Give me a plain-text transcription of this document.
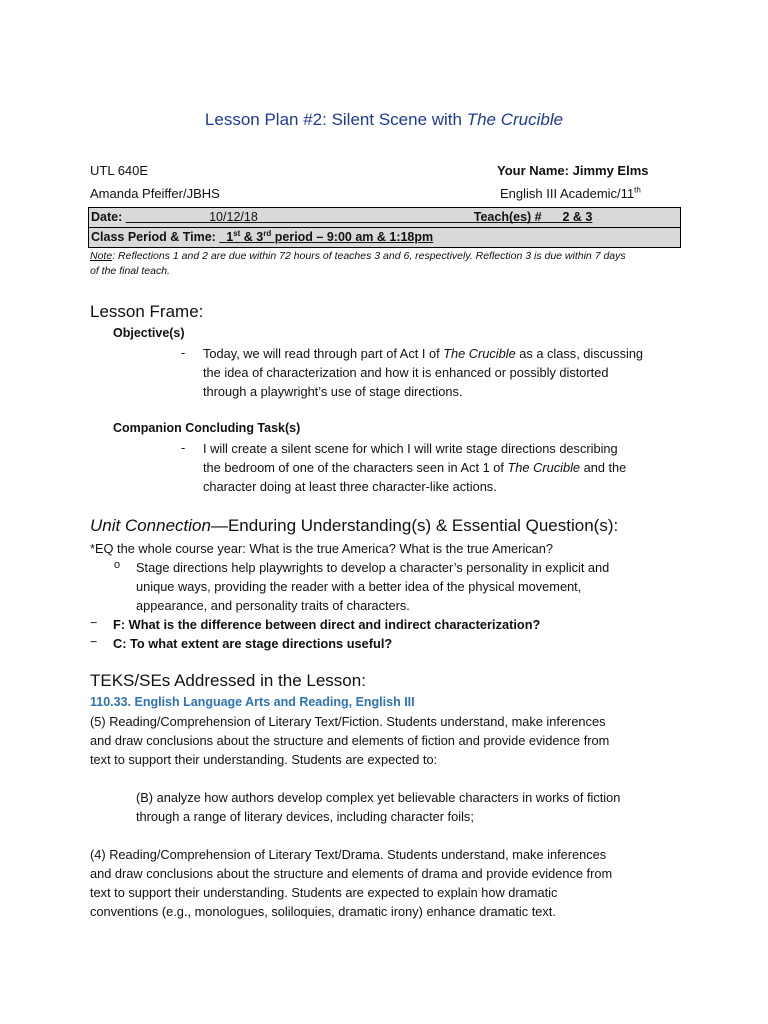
Lesson Plan #2: Silent Scene with The Crucible
UTL 640E	Your Name: Jimmy Elms
Amanda Pfeiffer/JBHS	English III Academic/11th
Date:	10/12/18	Teach(es) # 2 & 3
Class Period & Time: 1st & 3rd period – 9:00 am & 1:18pm
Note: Reflections 1 and 2 are due within 72 hours of teaches 3 and 6, respectively. Reflection 3 is due within 7 days
of the final teach.
Lesson Frame:
Objective(s)
- Today, we will read through part of Act I of The Crucible as a class, discussing
the idea of characterization and how it is enhanced or possibly distorted
through a playwright’s use of stage directions.
Companion Concluding Task(s)
- I will create a silent scene for which I will write stage directions describing
the bedroom of one of the characters seen in Act 1 of The Crucible and the
character doing at least three character-like actions.
Unit Connection—Enduring Understanding(s) & Essential Question(s):
*EQ the whole course year: What is the true America? What is the true American?
o Stage directions help playwrights to develop a character’s personality in explicit and
unique ways, providing the reader with a better idea of the physical movement,
appearance, and personality traits of characters.
− F: What is the difference between direct and indirect characterization?
− C: To what extent are stage directions useful?
TEKS/SEs Addressed in the Lesson:
110.33. English Language Arts and Reading, English III
(5) Reading/Comprehension of Literary Text/Fiction. Students understand, make inferences
and draw conclusions about the structure and elements of fiction and provide evidence from
text to support their understanding. Students are expected to:
(B) analyze how authors develop complex yet believable characters in works of fiction
through a range of literary devices, including character foils;
(4) Reading/Comprehension of Literary Text/Drama. Students understand, make inferences
and draw conclusions about the structure and elements of drama and provide evidence from
text to support their understanding. Students are expected to explain how dramatic
conventions (e.g., monologues, soliloquies, dramatic irony) enhance dramatic text.
